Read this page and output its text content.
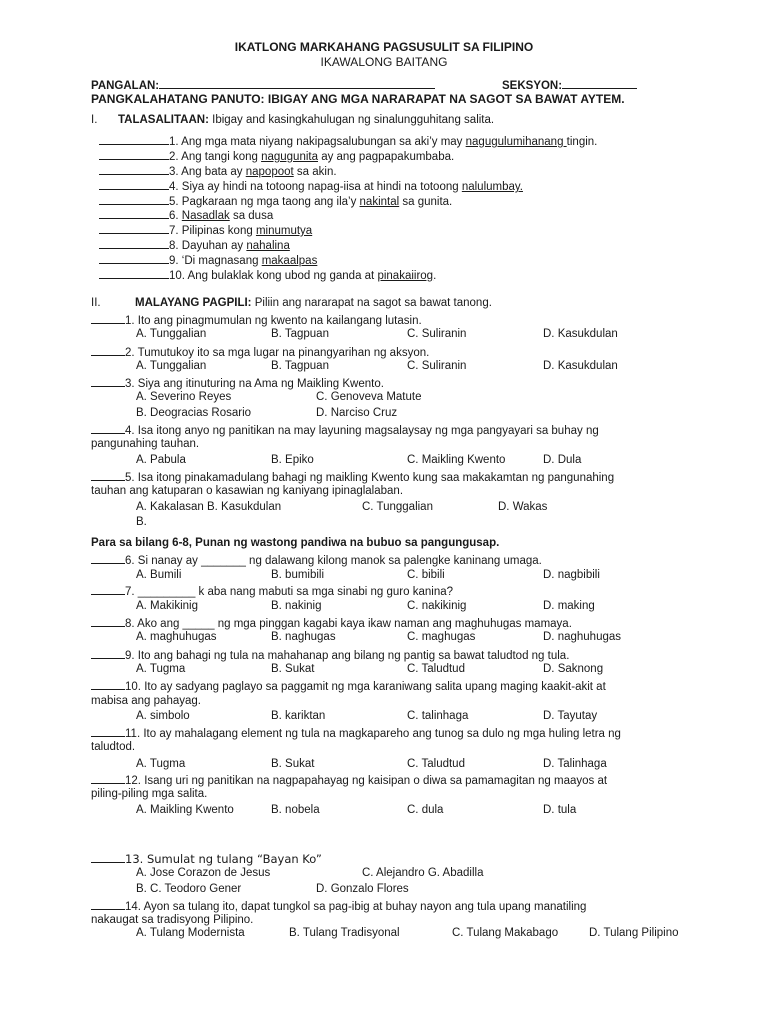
IKATLONG MARKAHANG PAGSUSULIT SA FILIPINO
IKAWALONG BAITANG
PANGALAN:	SEKSYON:
PANGKALAHATANG PANUTO: IBIGAY ANG MGA NARARAPAT NA SAGOT SA BAWAT AYTEM.
I. TALASALITAAN: Ibigay and kasingkahulugan ng sinalungguhitang salita.
1. Ang mga mata niyang nakipagsalubungan sa aki’y may nagugulumihanang tingin.
2. Ang tangi kong nagugunita ay ang pagpapakumbaba.
3. Ang bata ay napopoot sa akin.
4. Siya ay hindi na totoong napag-iisa at hindi na totoong nalulumbay.
5. Pagkaraan ng mga taong ang ila’y nakintal sa gunita.
6. Nasadlak sa dusa
7. Pilipinas kong minumutya
8. Dayuhan ay nahalina
9. ‘Di magnasang makaalpas
10. Ang bulaklak kong ubod ng ganda at pinakaiirog.
II.	MALAYANG PAGPILI: Piliin ang nararapat na sagot sa bawat tanong.
1. Ito ang pinagmumulan ng kwento na kailangang lutasin.
A. Tunggalian	B. Tagpuan	C. Suliranin	D. Kasukdulan
2. Tumutukoy ito sa mga lugar na pinangyarihan ng aksyon.
A. Tunggalian	B. Tagpuan	C. Suliranin	D. Kasukdulan
3. Siya ang itinuturing na Ama ng Maikling Kwento.
A. Severino Reyes	C. Genoveva Matute
B. Deogracias Rosario	D. Narciso Cruz
4. Isa itong anyo ng panitikan na may layuning magsalaysay ng mga pangyayari sa buhay ng
pangunahing tauhan.
A. Pabula	B. Epiko	C. Maikling Kwento	D. Dula
5. Isa itong pinakamadulang bahagi ng maikling Kwento kung saa makakamtan ng pangunahing
tauhan ang katuparan o kasawian ng kaniyang ipinaglalaban.
A. Kakalasan B. Kasukdulan	C. Tunggalian	D. Wakas
B.
Para sa bilang 6-8, Punan ng wastong pandiwa na bubuo sa pangungusap.
6. Si nanay ay _______ ng dalawang kilong manok sa palengke kaninang umaga.
A. Bumili	B. bumibili	C. bibili	D. nagbibili
7. _________ k aba nang mabuti sa mga sinabi ng guro kanina?
A. Makikinig	B. nakinig	C. nakikinig	D. making
8. Ako ang _____ ng mga pinggan kagabi kaya ikaw naman ang maghuhugas mamaya.
A. maghuhugas	B. naghugas	C. maghugas	D. naghuhugas
9. Ito ang bahagi ng tula na mahahanap ang bilang ng pantig sa bawat taludtod ng tula.
A. Tugma	B. Sukat	C. Taludtud	D. Saknong
10. Ito ay sadyang paglayo sa paggamit ng mga karaniwang salita upang maging kaakit-akit at
mabisa ang pahayag.
A. simbolo	B. kariktan	C. talinhaga	D. Tayutay
11. Ito ay mahalagang element ng tula na magkapareho ang tunog sa dulo ng mga huling letra ng
taludtod.
A. Tugma	B. Sukat	C. Taludtud	D. Talinhaga
12. Isang uri ng panitikan na nagpapahayag ng kaisipan o diwa sa pamamagitan ng maayos at
piling-piling mga salita.
A. Maikling Kwento	B. nobela	C. dula	D. tula
13. Sumulat ng tulang “Bayan Ko”
A. Jose Corazon de Jesus	C. Alejandro G. Abadilla
B. C. Teodoro Gener	D. Gonzalo Flores
14. Ayon sa tulang ito, dapat tungkol sa pag-ibig at buhay nayon ang tula upang manatiling
nakaugat sa tradisyong Pilipino.
A. Tulang Modernista	B. Tulang Tradisyonal	C. Tulang Makabago	D. Tulang Pilipino
